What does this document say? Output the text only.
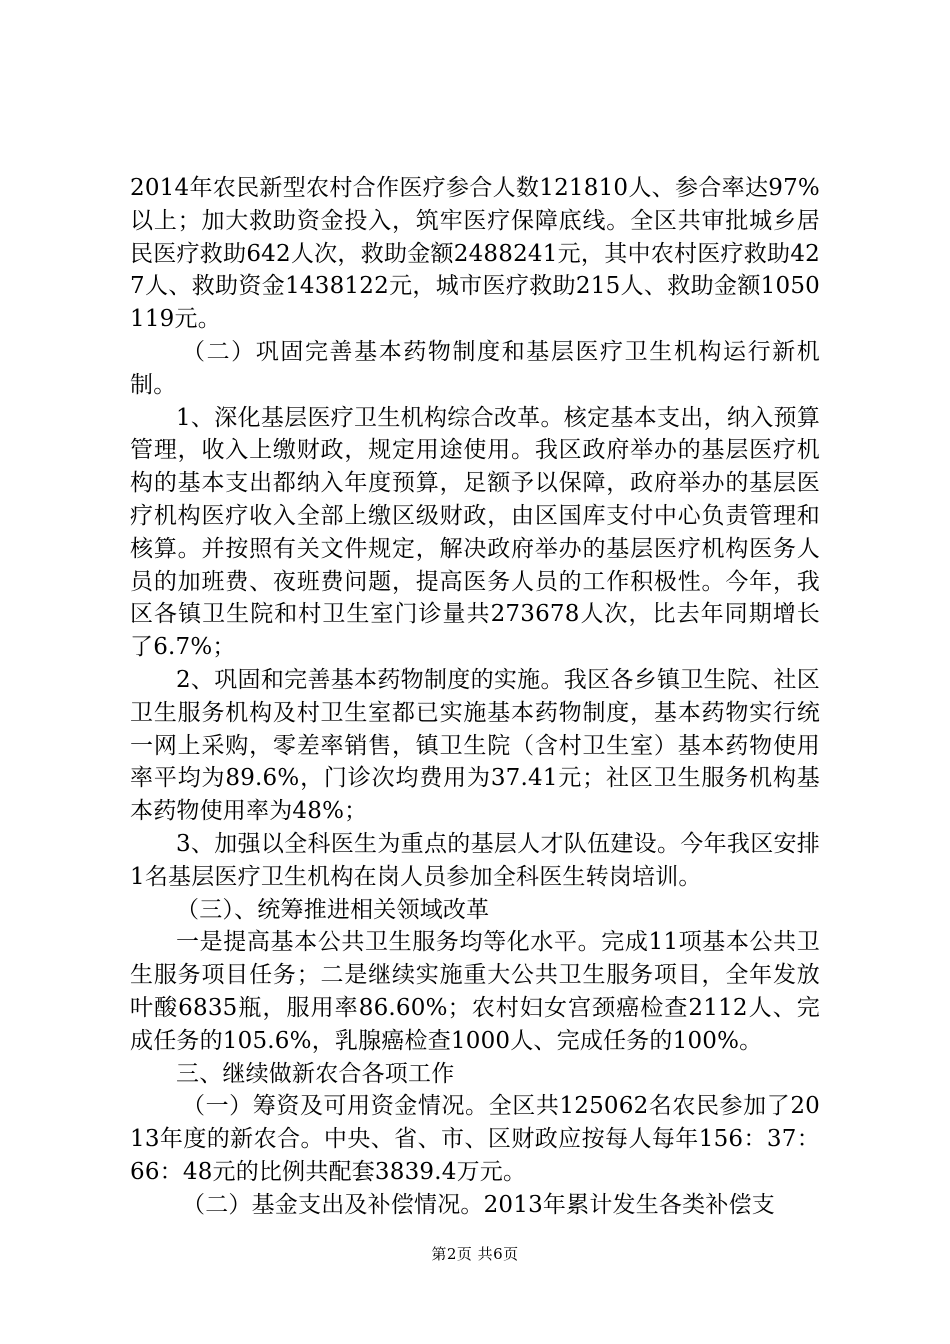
2014年农民新型农村合作医疗参合人数121810人、参合率达97%以上；加大救助资金投入，筑牢医疗保障底线。全区共审批城乡居民医疗救助642人次，救助金额2488241元，其中农村医疗救助427人、救助资金1438122元，城市医疗救助215人、救助金额1050119元。

（二）巩固完善基本药物制度和基层医疗卫生机构运行新机制。

1、深化基层医疗卫生机构综合改革。核定基本支出，纳入预算管理，收入上缴财政，规定用途使用。我区政府举办的基层医疗机构的基本支出都纳入年度预算，足额予以保障，政府举办的基层医疗机构医疗收入全部上缴区级财政，由区国库支付中心负责管理和核算。并按照有关文件规定，解决政府举办的基层医疗机构医务人员的加班费、夜班费问题，提高医务人员的工作积极性。今年，我区各镇卫生院和村卫生室门诊量共273678人次，比去年同期增长了6.7%；

2、巩固和完善基本药物制度的实施。我区各乡镇卫生院、社区卫生服务机构及村卫生室都已实施基本药物制度，基本药物实行统一网上采购，零差率销售，镇卫生院（含村卫生室）基本药物使用率平均为89.6%，门诊次均费用为37.41元；社区卫生服务机构基本药物使用率为48%；

3、加强以全科医生为重点的基层人才队伍建设。今年我区安排1名基层医疗卫生机构在岗人员参加全科医生转岗培训。

（三）、统筹推进相关领域改革

一是提高基本公共卫生服务均等化水平。完成11项基本公共卫生服务项目任务；二是继续实施重大公共卫生服务项目，全年发放叶酸6835瓶，服用率86.60%；农村妇女宫颈癌检查2112人、完成任务的105.6%，乳腺癌检查1000人、完成任务的100%。

三、继续做新农合各项工作

（一）筹资及可用资金情况。全区共125062名农民参加了2013年度的新农合。中央、省、市、区财政应按每人每年156：37：66：48元的比例共配套3839.4万元。

（二）基金支出及补偿情况。2013年累计发生各类补偿支

第2页 共6页
